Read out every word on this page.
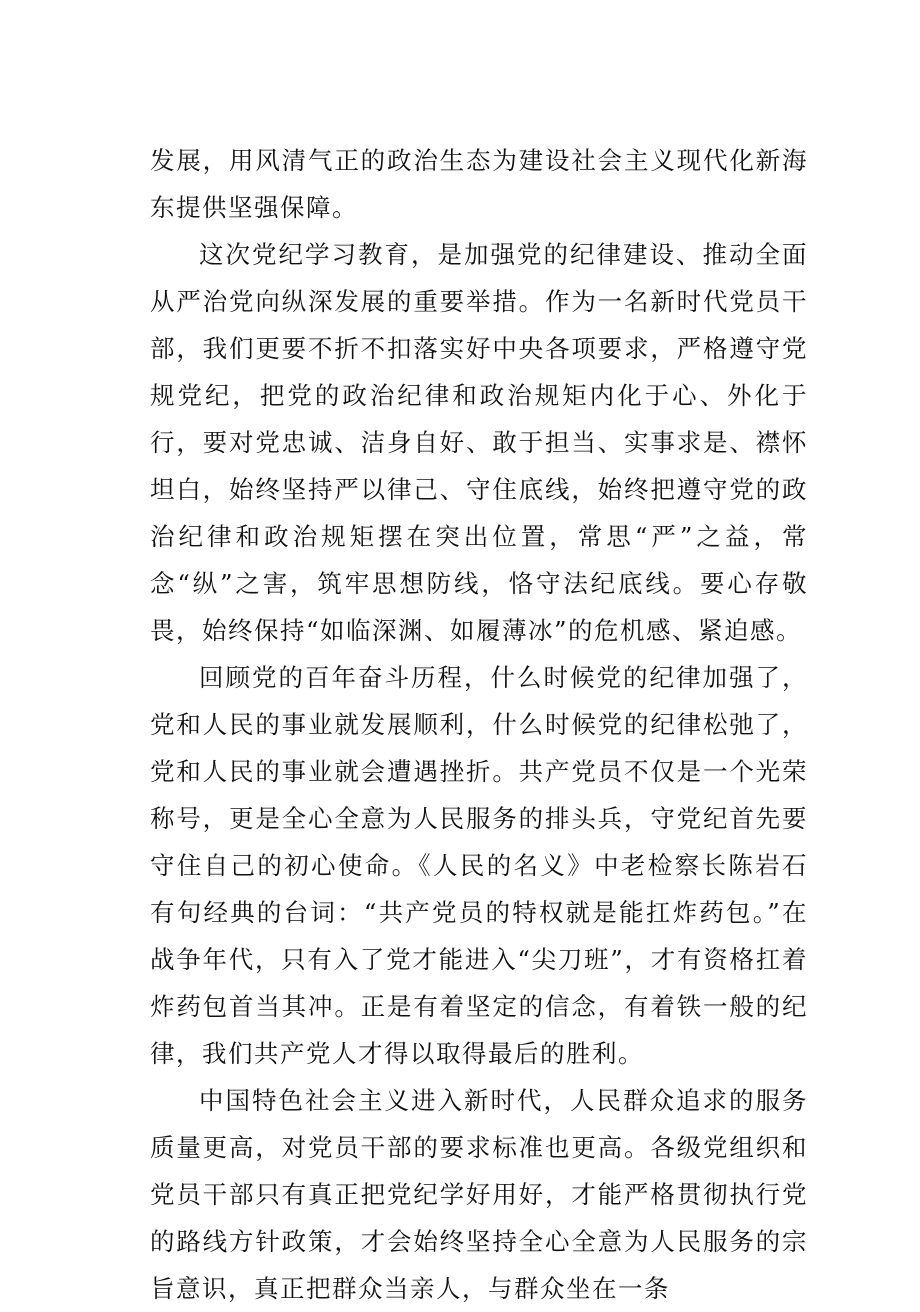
发展，用风清气正的政治生态为建设社会主义现代化新海东提供坚强保障。

这次党纪学习教育，是加强党的纪律建设、推动全面从严治党向纵深发展的重要举措。作为一名新时代党员干部，我们更要不折不扣落实好中央各项要求，严格遵守党规党纪，把党的政治纪律和政治规矩内化于心、外化于行，要对党忠诚、洁身自好、敢于担当、实事求是、襟怀坦白，始终坚持严以律己、守住底线，始终把遵守党的政治纪律和政治规矩摆在突出位置，常思“严”之益，常念“纵”之害，筑牢思想防线，恪守法纪底线。要心存敬畏，始终保持“如临深渊、如履薄冰”的危机感、紧迫感。

回顾党的百年奋斗历程，什么时候党的纪律加强了，党和人民的事业就发展顺利，什么时候党的纪律松弛了，党和人民的事业就会遭遇挫折。共产党员不仅是一个光荣称号，更是全心全意为人民服务的排头兵，守党纪首先要守住自己的初心使命。《人民的名义》中老检察长陈岩石有句经典的台词：“共产党员的特权就是能扛炸药包。”在战争年代，只有入了党才能进入“尖刀班”，才有资格扛着炸药包首当其冲。正是有着坚定的信念，有着铁一般的纪律，我们共产党人才得以取得最后的胜利。

中国特色社会主义进入新时代，人民群众追求的服务质量更高，对党员干部的要求标准也更高。各级党组织和党员干部只有真正把党纪学好用好，才能严格贯彻执行党的路线方针政策，才会始终坚持全心全意为人民服务的宗旨意识，真正把群众当亲人，与群众坐在一条
